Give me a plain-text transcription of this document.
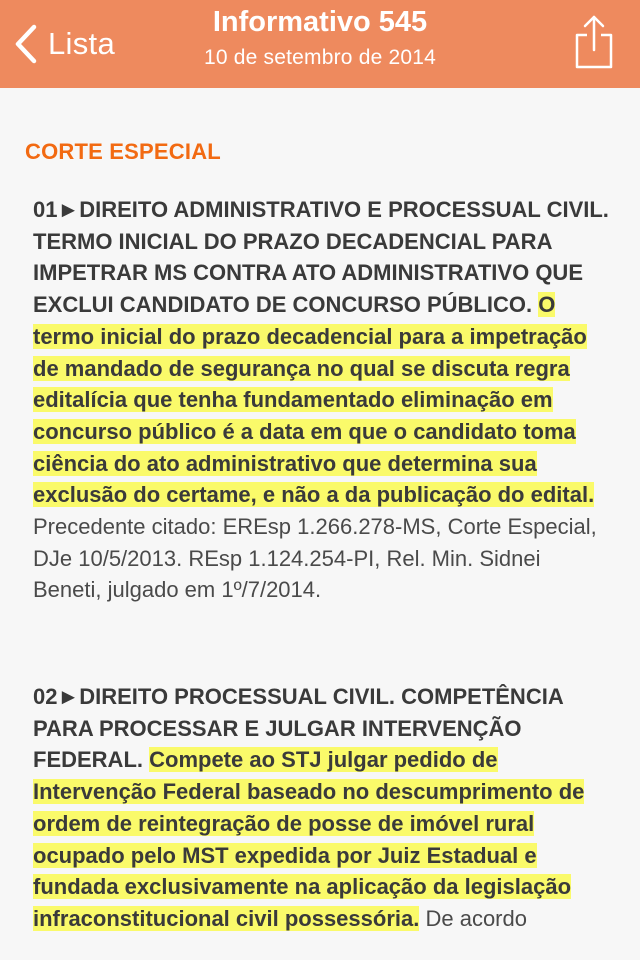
Lista
Informativo 545
10 de setembro de 2014
CORTE ESPECIAL
01►DIREITO ADMINISTRATIVO E PROCESSUAL CIVIL. TERMO INICIAL DO PRAZO DECADENCIAL PARA IMPETRAR MS CONTRA ATO ADMINISTRATIVO QUE EXCLUI CANDIDATO DE CONCURSO PÚBLICO. O termo inicial do prazo decadencial para a impetração de mandado de segurança no qual se discuta regra editalícia que tenha fundamentado eliminação em concurso público é a data em que o candidato toma ciência do ato administrativo que determina sua exclusão do certame, e não a da publicação do edital. Precedente citado: EREsp 1.266.278-MS, Corte Especial, DJe 10/5/2013. REsp 1.124.254-PI, Rel. Min. Sidnei Beneti, julgado em 1º/7/2014.
02►DIREITO PROCESSUAL CIVIL. COMPETÊNCIA PARA PROCESSAR E JULGAR INTERVENÇÃO FEDERAL. Compete ao STJ julgar pedido de Intervenção Federal baseado no descumprimento de ordem de reintegração de posse de imóvel rural ocupado pelo MST expedida por Juiz Estadual e fundada exclusivamente na aplicação da legislação infraconstitucional civil possessória. De acordo
